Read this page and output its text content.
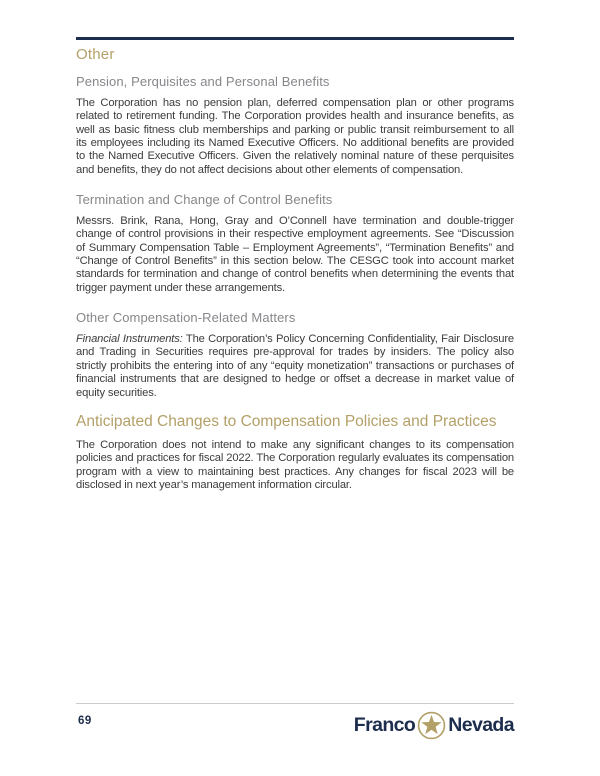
Other
Pension, Perquisites and Personal Benefits

The Corporation has no pension plan, deferred compensation plan or other programs related to retirement funding. The Corporation provides health and insurance benefits, as well as basic fitness club memberships and parking or public transit reimbursement to all its employees including its Named Executive Officers. No additional benefits are provided to the Named Executive Officers. Given the relatively nominal nature of these perquisites and benefits, they do not affect decisions about other elements of compensation.

Termination and Change of Control Benefits

Messrs. Brink, Rana, Hong, Gray and O’Connell have termination and double-trigger change of control provisions in their respective employment agreements. See “Discussion of Summary Compensation Table – Employment Agreements”, “Termination Benefits” and “Change of Control Benefits” in this section below. The CESGC took into account market standards for termination and change of control benefits when determining the events that trigger payment under these arrangements.

Other Compensation-Related Matters

Financial Instruments: The Corporation’s Policy Concerning Confidentiality, Fair Disclosure and Trading in Securities requires pre-approval for trades by insiders. The policy also strictly prohibits the entering into of any “equity monetization” transactions or purchases of financial instruments that are designed to hedge or offset a decrease in market value of equity securities.

Anticipated Changes to Compensation Policies and Practices

The Corporation does not intend to make any significant changes to its compensation policies and practices for fiscal 2022. The Corporation regularly evaluates its compensation program with a view to maintaining best practices. Any changes for fiscal 2023 will be disclosed in next year’s management information circular.

69	Franco Nevada
